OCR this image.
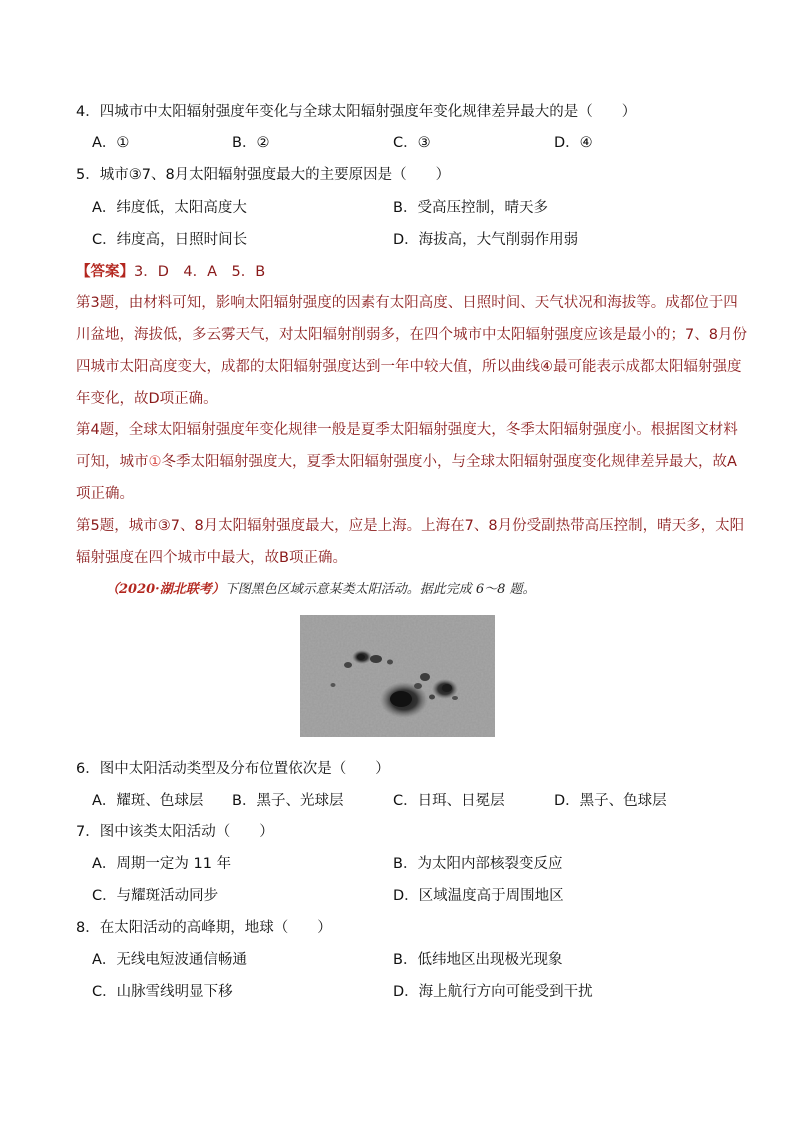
4．四城市中太阳辐射强度年变化与全球太阳辐射强度年变化规律差异最大的是（　　）
A．①	B．②	C．③	D．④
5．城市③7、8月太阳辐射强度最大的主要原因是（　　）
A．纬度低，太阳高度大	B．受高压控制，晴天多
C．纬度高，日照时间长	D．海拔高，大气削弱作用弱
【答案】3．D　4．A　5．B
第3题，由材料可知，影响太阳辐射强度的因素有太阳高度、日照时间、天气状况和海拔等。成都位于四
川盆地，海拔低，多云雾天气，对太阳辐射削弱多，在四个城市中太阳辐射强度应该是最小的；7、8月份
四城市太阳高度变大，成都的太阳辐射强度达到一年中较大值，所以曲线④最可能表示成都太阳辐射强度
年变化，故D项正确。
第4题，全球太阳辐射强度年变化规律一般是夏季太阳辐射强度大，冬季太阳辐射强度小。根据图文材料
可知，城市①冬季太阳辐射强度大，夏季太阳辐射强度小，与全球太阳辐射强度变化规律差异最大，故A
项正确。
第5题，城市③7、8月太阳辐射强度最大，应是上海。上海在7、8月份受副热带高压控制，晴天多，太阳
辐射强度在四个城市中最大，故B项正确。
（2020·湖北联考）下图黑色区域示意某类太阳活动。据此完成 6～8 题。
6．图中太阳活动类型及分布位置依次是（　　）
A．耀斑、色球层 B．黑子、光球层	C．日珥、日冕层	D．黑子、色球层
7．图中该类太阳活动（　　）
A．周期一定为 11 年	B．为太阳内部核裂变反应
C．与耀斑活动同步	D．区域温度高于周围地区
8．在太阳活动的高峰期，地球（　　）
A．无线电短波通信畅通	B．低纬地区出现极光现象
C．山脉雪线明显下移	D．海上航行方向可能受到干扰
